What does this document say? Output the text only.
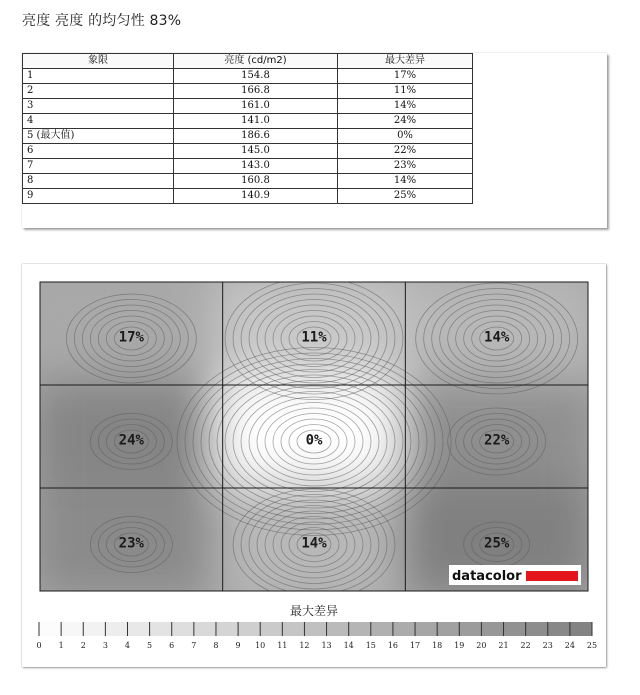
亮度 亮度 的均匀性 83%
象限	亮度 (cd/m2)	最大差异
1	154.8	17%
2	166.8	11%
3	161.0	14%
4	141.0	24%
5 (最大值)	186.6	0%
6	145.0	22%
7	143.0	23%
8	160.8	14%
9	140.9	25%
17%	11%	14%
24%	0%	22%
23%	14%	25%
datacolor
最大差异
0 1 2 3 4 5 6 7 8 9 10 11 12 13 14 15 16 17 18 19 20 21 22 23 24 25
